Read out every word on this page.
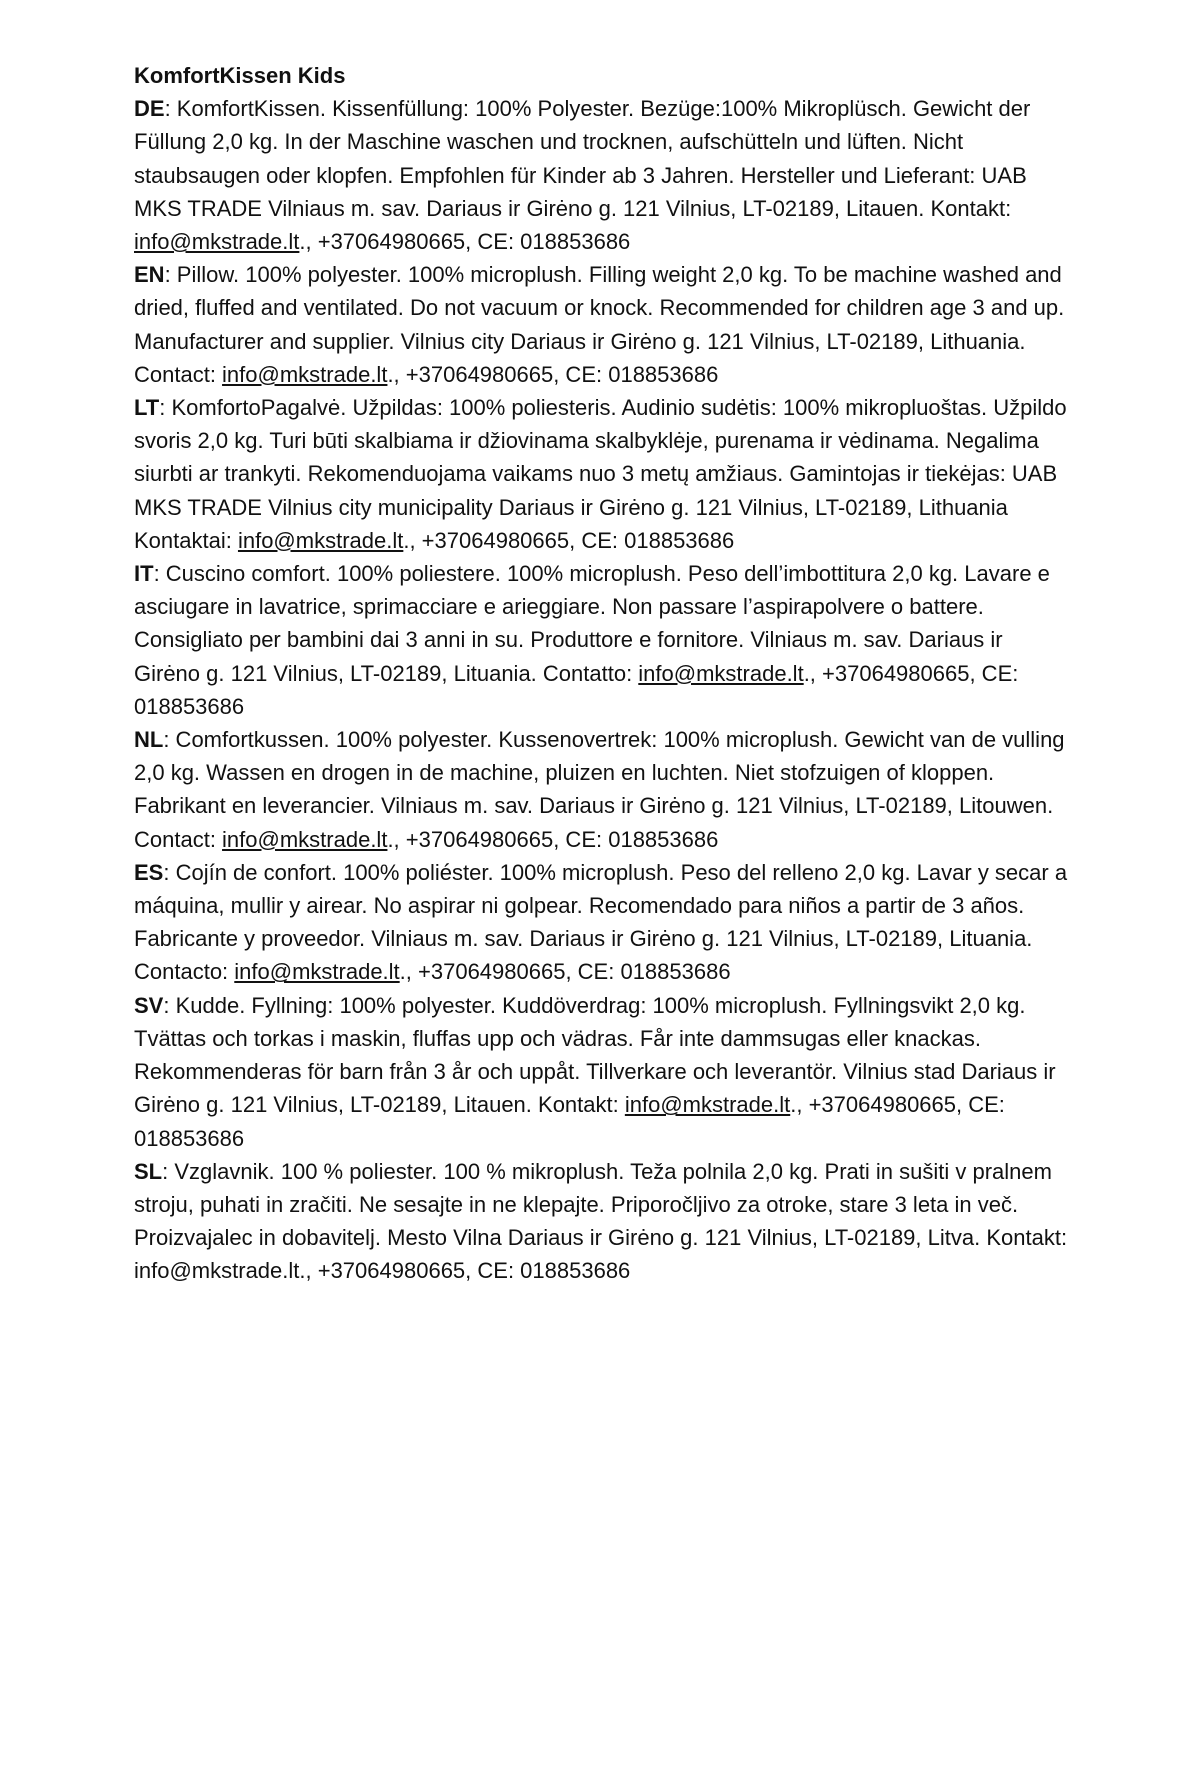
KomfortKissen Kids

DE: KomfortKissen. Kissenfüllung: 100% Polyester. Bezüge:100% Mikroplüsch. Gewicht der Füllung 2,0 kg. In der Maschine waschen und trocknen, aufschütteln und lüften. Nicht staubsaugen oder klopfen. Empfohlen für Kinder ab 3 Jahren. Hersteller und Lieferant: UAB MKS TRADE Vilniaus m. sav. Dariaus ir Girėno g. 121 Vilnius, LT-02189, Litauen. Kontakt: info@mkstrade.lt., +37064980665, CE: 018853686

EN: Pillow. 100% polyester. 100% microplush. Filling weight 2,0 kg. To be machine washed and dried, fluffed and ventilated. Do not vacuum or knock. Recommended for children age 3 and up. Manufacturer and supplier. Vilnius city Dariaus ir Girėno g. 121 Vilnius, LT-02189, Lithuania. Contact: info@mkstrade.lt., +37064980665, CE: 018853686

LT: KomfortoPagalvė. Užpildas: 100% poliesteris. Audinio sudėtis: 100% mikropluoštas. Užpildo svoris 2,0 kg. Turi būti skalbiama ir džiovinama skalbyklėje, purenama ir vėdinama. Negalima siurbti ar trankyti. Rekomenduojama vaikams nuo 3 metų amžiaus. Gamintojas ir tiekėjas: UAB MKS TRADE Vilnius city municipality Dariaus ir Girėno g. 121 Vilnius, LT-02189, Lithuania Kontaktai: info@mkstrade.lt., +37064980665, CE: 018853686

IT: Cuscino comfort. 100% poliestere. 100% microplush. Peso dell’imbottitura 2,0 kg. Lavare e asciugare in lavatrice, sprimacciare e arieggiare. Non passare l’aspirapolvere o battere. Consigliato per bambini dai 3 anni in su. Produttore e fornitore. Vilniaus m. sav. Dariaus ir Girėno g. 121 Vilnius, LT-02189, Lituania. Contatto: info@mkstrade.lt., +37064980665, CE: 018853686

NL: Comfortkussen. 100% polyester. Kussenovertrek: 100% microplush. Gewicht van de vulling 2,0 kg. Wassen en drogen in de machine, pluizen en luchten. Niet stofzuigen of kloppen. Fabrikant en leverancier. Vilniaus m. sav. Dariaus ir Girėno g. 121 Vilnius, LT-02189, Litouwen. Contact: info@mkstrade.lt., +37064980665, CE: 018853686

ES: Cojín de confort. 100% poliéster. 100% microplush. Peso del relleno 2,0 kg. Lavar y secar a máquina, mullir y airear. No aspirar ni golpear. Recomendado para niños a partir de 3 años. Fabricante y proveedor. Vilniaus m. sav. Dariaus ir Girėno g. 121 Vilnius, LT-02189, Lituania. Contacto: info@mkstrade.lt., +37064980665, CE: 018853686

SV: Kudde. Fyllning: 100% polyester. Kuddöverdrag: 100% microplush. Fyllningsvikt 2,0 kg. Tvättas och torkas i maskin, fluffas upp och vädras. Får inte dammsugas eller knackas. Rekommenderas för barn från 3 år och uppåt. Tillverkare och leverantör. Vilnius stad Dariaus ir Girėno g. 121 Vilnius, LT-02189, Litauen. Kontakt: info@mkstrade.lt., +37064980665, CE: 018853686

SL: Vzglavnik. 100 % poliester. 100 % mikroplush. Teža polnila 2,0 kg. Prati in sušiti v pralnem stroju, puhati in zračiti. Ne sesajte in ne klepajte. Priporočljivo za otroke, stare 3 leta in več. Proizvajalec in dobavitelj. Mesto Vilna Dariaus ir Girėno g. 121 Vilnius, LT-02189, Litva. Kontakt: info@mkstrade.lt., +37064980665, CE: 018853686
